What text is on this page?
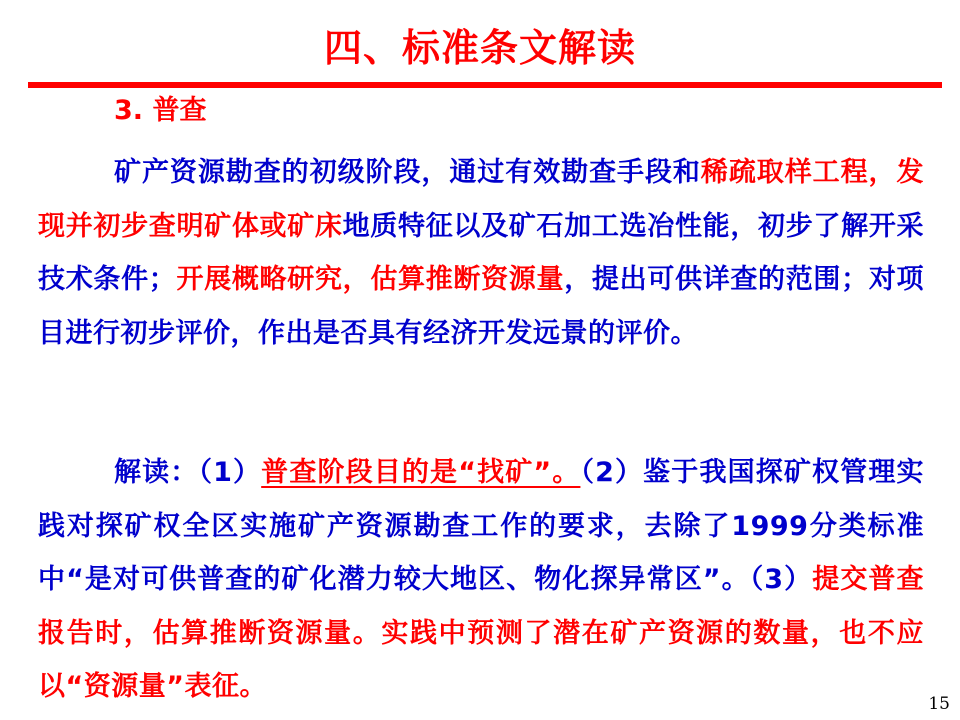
四、标准条文解读
3. 普查

矿产资源勘查的初级阶段，通过有效勘查手段和稀疏取样工程，发现并初步查明矿体或矿床地质特征以及矿石加工选冶性能，初步了解开采技术条件；开展概略研究，估算推断资源量，提出可供详查的范围；对项目进行初步评价，作出是否具有经济开发远景的评价。

解读：（1）普查阶段目的是“找矿”。（2）鉴于我国探矿权管理实践对探矿权全区实施矿产资源勘查工作的要求，去除了1999分类标准中“是对可供普查的矿化潜力较大地区、物化探异常区”。（3）提交普查报告时，估算推断资源量。实践中预测了潜在矿产资源的数量，也不应以“资源量”表征。

15
